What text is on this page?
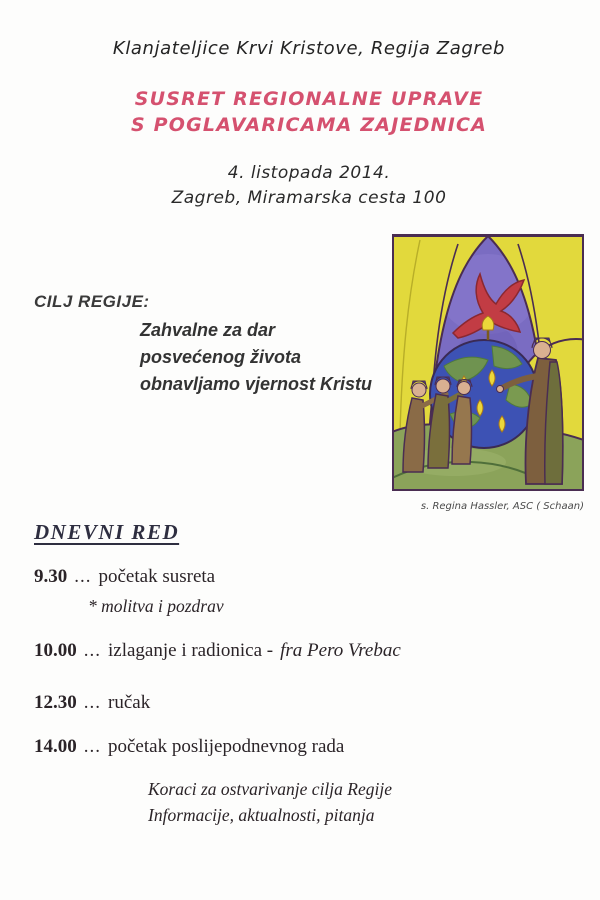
Klanjateljice Krvi Kristove, Regija Zagreb
SUSRET REGIONALNE UPRAVE
S POGLAVARICAMA ZAJEDNICA
4. listopada 2014.
Zagreb, Miramarska cesta 100
CILJ REGIJE:
Zahvalne za dar
posvećenog života
obnavljamo vjernost Kristu
s. Regina Hassler, ASC ( Schaan)
DNEVNI RED
9.30 ... početak susreta
* molitva i pozdrav
10.00 ... izlaganje i radionica - fra Pero Vrebac
12.30 ... ručak
14.00 ... početak poslijepodnevnog rada
Koraci za ostvarivanje cilja Regije
Informacije, aktualnosti, pitanja
